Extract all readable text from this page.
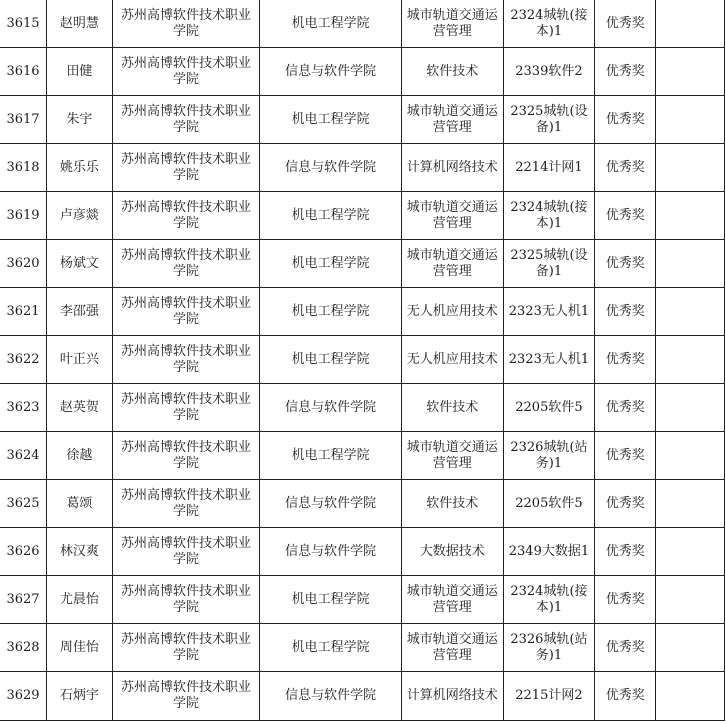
3615	赵明慧	苏州高博软件技术职业学院	机电工程学院	城市轨道交通运营管理	2324城轨(接本)1	优秀奖	
3616	田健	苏州高博软件技术职业学院	信息与软件学院	软件技术	2339软件2	优秀奖	
3617	朱宇	苏州高博软件技术职业学院	机电工程学院	城市轨道交通运营管理	2325城轨(设备)1	优秀奖	
3618	姚乐乐	苏州高博软件技术职业学院	信息与软件学院	计算机网络技术	2214计网1	优秀奖	
3619	卢彦燚	苏州高博软件技术职业学院	机电工程学院	城市轨道交通运营管理	2324城轨(接本)1	优秀奖	
3620	杨斌文	苏州高博软件技术职业学院	机电工程学院	城市轨道交通运营管理	2325城轨(设备)1	优秀奖	
3621	李邵强	苏州高博软件技术职业学院	机电工程学院	无人机应用技术	2323无人机1	优秀奖	
3622	叶正兴	苏州高博软件技术职业学院	机电工程学院	无人机应用技术	2323无人机1	优秀奖	
3623	赵英贺	苏州高博软件技术职业学院	信息与软件学院	软件技术	2205软件5	优秀奖	
3624	徐越	苏州高博软件技术职业学院	机电工程学院	城市轨道交通运营管理	2326城轨(站务)1	优秀奖	
3625	葛颂	苏州高博软件技术职业学院	信息与软件学院	软件技术	2205软件5	优秀奖	
3626	林汉爽	苏州高博软件技术职业学院	信息与软件学院	大数据技术	2349大数据1	优秀奖	
3627	尤晨怡	苏州高博软件技术职业学院	机电工程学院	城市轨道交通运营管理	2324城轨(接本)1	优秀奖	
3628	周佳怡	苏州高博软件技术职业学院	机电工程学院	城市轨道交通运营管理	2326城轨(站务)1	优秀奖	
3629	石炳宇	苏州高博软件技术职业学院	信息与软件学院	计算机网络技术	2215计网2	优秀奖	
